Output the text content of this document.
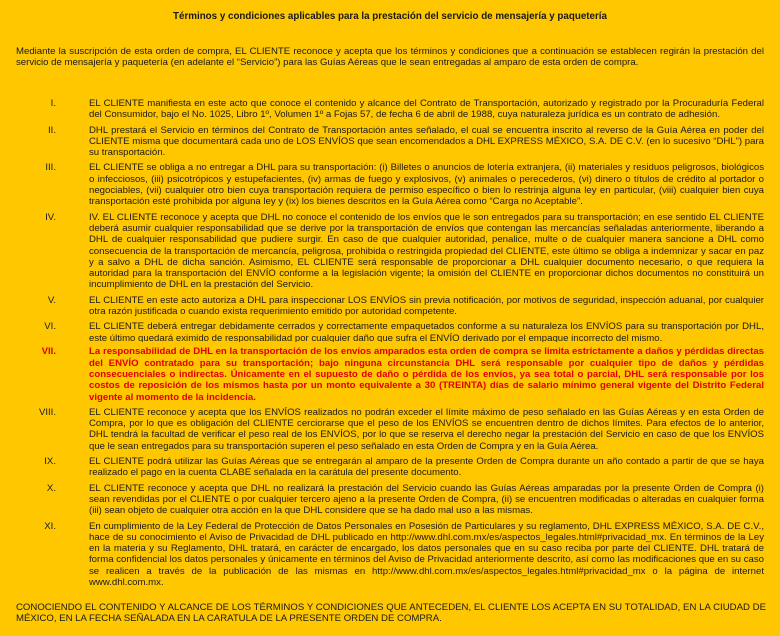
Términos y condiciones aplicables para la prestación del servicio de mensajería y paquetería
Mediante la suscripción de esta orden de compra, EL CLIENTE reconoce y acepta que los términos y condiciones que a continuación se establecen regirán la prestación del servicio de mensajería y paquetería (en adelante el “Servicio”) para las Guías Aéreas que le sean entregadas al amparo de esta orden de compra.
I.	EL CLIENTE manifiesta en este acto que conoce el contenido y alcance del Contrato de Transportación, autorizado y registrado por la Procuraduría Federal del Consumidor, bajo el No. 1025, Libro 1º, Volumen 1º a Fojas 57, de fecha 6 de abril de 1988, cuya naturaleza jurídica es un contrato de adhesión.
II.	DHL prestará el Servicio en términos del Contrato de Transportación antes señalado, el cual se encuentra inscrito al reverso de la Guía Aérea en poder del CLIENTE misma que documentará cada uno de LOS ENVÍOS que sean encomendados a DHL EXPRESS MÉXICO, S.A. DE C.V. (en lo sucesivo “DHL”) para su transportación.
III.	EL CLIENTE se obliga a no entregar a DHL para su transportación: (i) Billetes o anuncios de lotería extranjera, (ii) materiales y residuos peligrosos, biológicos o infecciosos, (iii) psicotrópicos y estupefacientes, (iv) armas de fuego y explosivos, (v) animales o perecederos, (vi) dinero o títulos de crédito al portador o negociables, (vii) cualquier otro bien cuya transportación requiera de permiso específico o bien lo restrinja alguna ley en particular, (viii) cualquier bien cuya transportación esté prohibida por alguna ley y (ix) los bienes descritos en la Guía Aérea como “Carga no Aceptable”.
IV.	IV. EL CLIENTE reconoce y acepta que DHL no conoce el contenido de los envíos que le son entregados para su transportación; en ese sentido EL CLIENTE deberá asumir cualquier responsabilidad que se derive por la transportación de envíos que contengan las mercancías señaladas anteriormente, liberando a DHL de cualquier responsabilidad que pudiere surgir. En caso de que cualquier autoridad, penalice, multe o de cualquier manera sancione a DHL como consecuencia de la transportación de mercancía, peligrosa, prohibida o restringida propiedad del CLIENTE, este último se obliga a indemnizar y sacar en paz y a salvo a DHL de dicha sanción. Asimismo, EL CLIENTE será responsable de proporcionar a DHL cualquier documento necesario, o que requiera la autoridad para la transportación del ENVÍO conforme a la legislación vigente; la omisión del CLIENTE en proporcionar dichos documentos no constituirá un incumplimiento de DHL en la prestación del Servicio.
V.	EL CLIENTE en este acto autoriza a DHL para inspeccionar LOS ENVÍOS sin previa notificación, por motivos de seguridad, inspección aduanal, por cualquier otra razón justificada o cuando exista requerimiento emitido por autoridad competente.
VI.	EL CLIENTE deberá entregar debidamente cerrados y correctamente empaquetados conforme a su naturaleza los ENVÍOS para su transportación por DHL, este último quedará eximido de responsabilidad por cualquier daño que sufra el ENVÍO derivado por el empaque incorrecto del mismo.
VII.	La responsabilidad de DHL en la transportación de los envíos amparados esta orden de compra se limita estrictamente a daños y pérdidas directas del ENVÍO contratado para su transportación; bajo ninguna circunstancia DHL será responsable por cualquier tipo de daños y pérdidas consecuenciales o indirectas. Únicamente en el supuesto de daño o pérdida de los envíos, ya sea total o parcial, DHL será responsable por los costos de reposición de los mismos hasta por un monto equivalente a 30 (TREINTA) días de salario mínimo general vigente del Distrito Federal vigente al momento de la incidencia.
VIII.	EL CLIENTE reconoce y acepta que los ENVÍOS realizados no podrán exceder el límite máximo de peso señalado en las Guías Aéreas y en esta Orden de Compra, por lo que es obligación del CLIENTE cerciorarse que el peso de los ENVÍOS se encuentren dentro de dichos límites. Para efectos de lo anterior, DHL tendrá la facultad de verificar el peso real de los ENVÍOS, por lo que se reserva el derecho negar la prestación del Servicio en caso de que los ENVÍOS que le sean entregados para su transportación superen el peso señalado en esta Orden de Compra y en la Guía Aérea.
IX.	EL CLIENTE podrá utilizar las Guías Aéreas que se entregarán al amparo de la presente Orden de Compra durante un año contado a partir de que se haya realizado el pago en la cuenta CLABE señalada en la carátula del presente documento.
X.	EL CLIENTE reconoce y acepta que DHL no realizará la prestación del Servicio cuando las Guías Aéreas amparadas por la presente Orden de Compra (i) sean revendidas por el CLIENTE o por cualquier tercero ajeno a la presente Orden de Compra, (ii) se encuentren modificadas o alteradas en cualquier forma (iii) sean objeto de cualquier otra acción en la que DHL considere que se ha dado mal uso a las mismas.
XI.	En cumplimiento de la Ley Federal de Protección de Datos Personales en Posesión de Particulares y su reglamento, DHL EXPRESS MÉXICO, S.A. DE C.V., hace de su conocimiento el Aviso de Privacidad de DHL publicado en http://www.dhl.com.mx/es/aspectos_legales.html#privacidad_mx. En términos de la Ley en la materia y su Reglamento, DHL tratará, en carácter de encargado, los datos personales que en su caso reciba por parte del CLIENTE. DHL tratará de forma confidencial los datos personales y únicamente en términos del Aviso de Privacidad anteriormente descrito, así como las modificaciones que en su caso se realicen a través de la publicación de las mismas en http://www.dhl.com.mx/es/aspectos_legales.html#privacidad_mx o la página de internet www.dhl.com.mx.
CONOCIENDO EL CONTENIDO Y ALCANCE DE LOS TÉRMINOS Y CONDICIONES QUE ANTECEDEN, EL CLIENTE LOS ACEPTA EN SU TOTALIDAD, EN LA CIUDAD DE MÉXICO, EN LA FECHA SEÑALADA EN LA CARATULA DE LA PRESENTE ORDEN DE COMPRA.
